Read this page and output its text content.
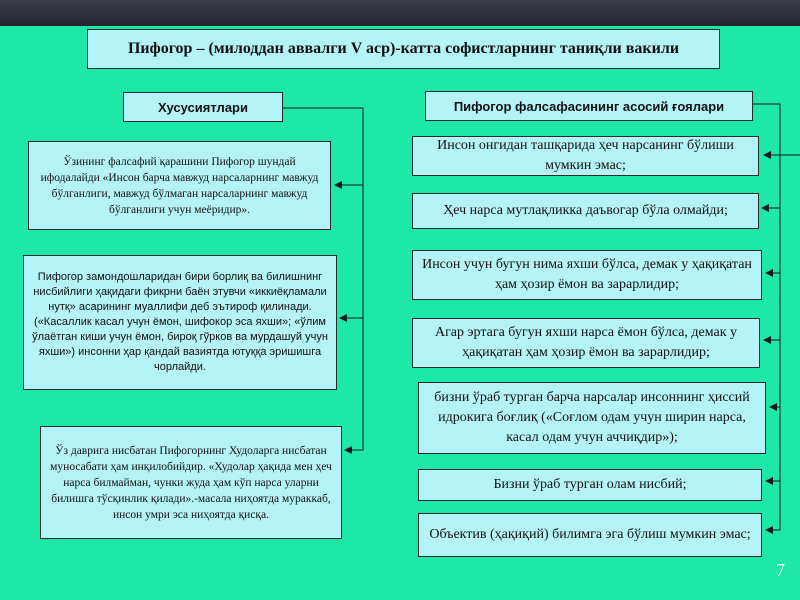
Пифогор – (милоддан аввалги V аср)-катта софистларнинг таниқли вакили
Хусусиятлари	Пифогор фалсафасининг асосий ғоялари
Ўзининг фалсафий қарашини Пифогор шундай ифодалайди «Инсон барча мавжуд нарсаларнинг мавжуд бўлганлиги, мавжуд бўлмаган нарсаларнинг мавжуд бўлганлиги учун меёридир».
Пифогор замондошларидан бири борлиқ ва билишнинг нисбийлиги ҳақидаги фикрни баён этувчи «иккиёқламали нутқ» асарининг муаллифи деб эътироф қилинади. («Касаллик касал учун ёмон, шифокор эса яхши»; «ўлим ўлаётган киши учун ёмон, бироқ гўрков ва мурдашуй учун яхши») инсонни ҳар қандай вазиятда ютуққа эришишга чорлайди.
Ўз даврига нисбатан Пифогорнинг Худоларга нисбатан муносабати ҳам инқилобийдир. «Худолар ҳақида мен ҳеч нарса билмайман, чунки жуда ҳам кўп нарса уларни билишга тўсқинлик қилади».-масала ниҳоятда мураккаб, инсон умри эса ниҳоятда қисқа.
Инсон онгидан ташқарида ҳеч нарсанинг бўлиши мумкин эмас;
Ҳеч нарса мутлақликка даъвогар бўла олмайди;
Инсон учун бугун нима яхши бўлса, демак у ҳақиқатан ҳам ҳозир ёмон ва зарарлидир;
Агар эртага бугун яхши нарса ёмон бўлса, демак у ҳақиқатан ҳам ҳозир ёмон ва зарарлидир;
бизни ўраб турган барча нарсалар инсоннинг ҳиссий идрокига боғлиқ («Соғлом одам учун ширин нарса, касал одам учун аччиқдир»);
Бизни ўраб турган олам нисбий;
Объектив (ҳақиқий) билимга эга бўлиш мумкин эмас;
7
